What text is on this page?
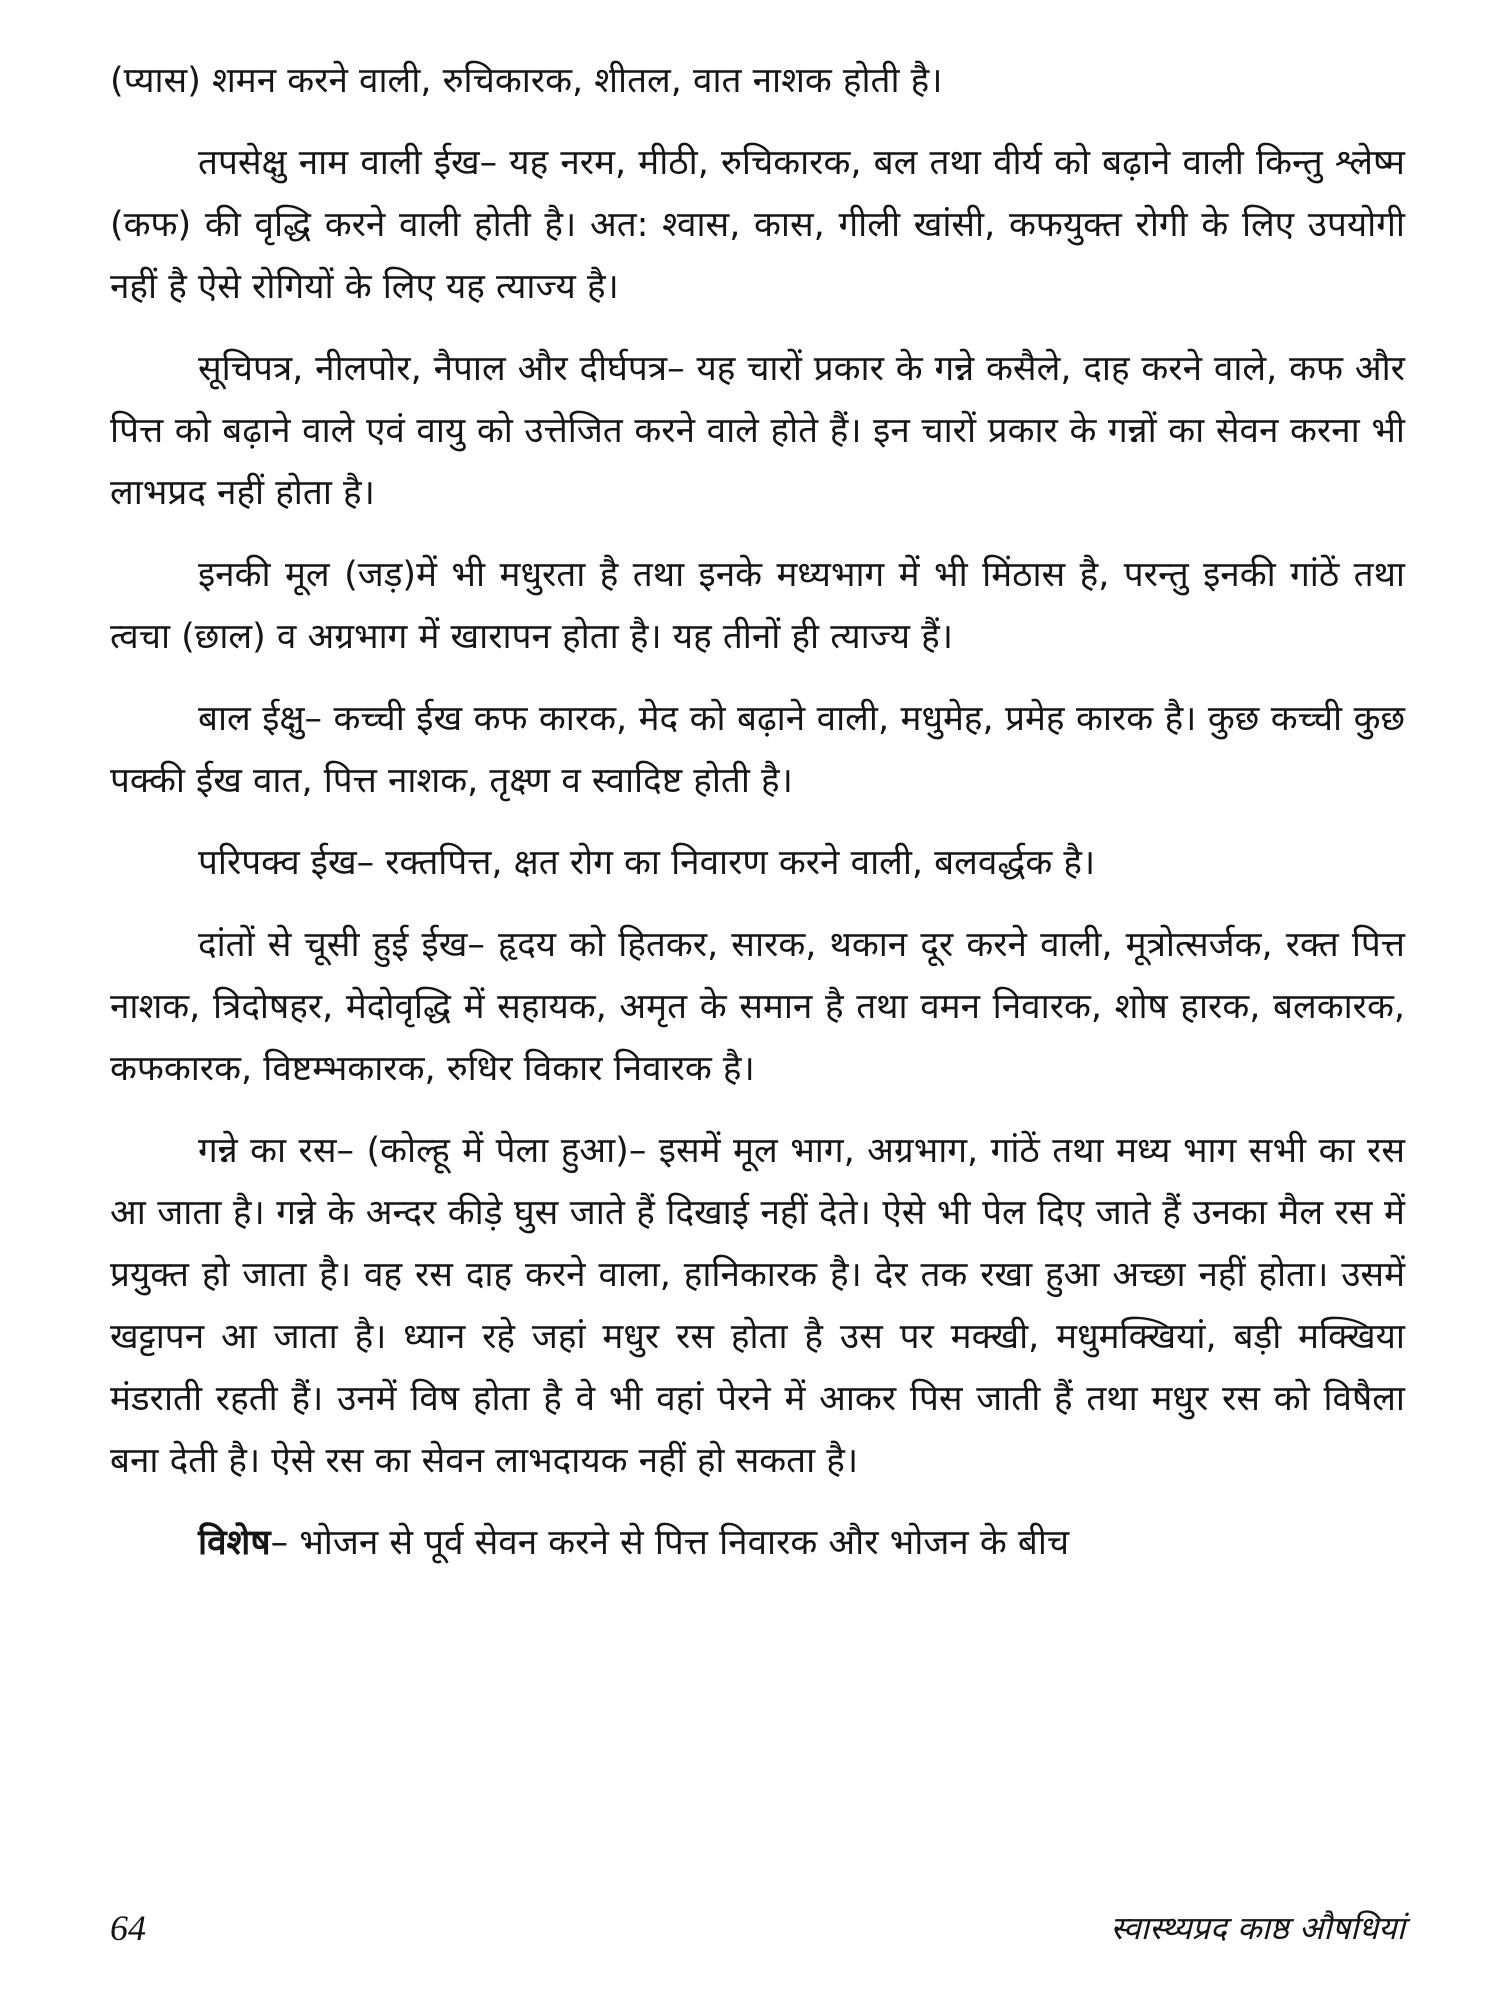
(प्यास) शमन करने वाली, रुचिकारक, शीतल, वात नाशक होती है।

तपसेक्षु नाम वाली ईख– यह नरम, मीठी, रुचिकारक, बल तथा वीर्य को बढ़ाने वाली किन्तु श्लेष्म (कफ) की वृद्धि करने वाली होती है। अत: श्वास, कास, गीली खांसी, कफयुक्त रोगी के लिए उपयोगी नहीं है ऐसे रोगियों के लिए यह त्याज्य है।

सूचिपत्र, नीलपोर, नैपाल और दीर्घपत्र– यह चारों प्रकार के गन्ने कसैले, दाह करने वाले, कफ और पित्त को बढ़ाने वाले एवं वायु को उत्तेजित करने वाले होते हैं। इन चारों प्रकार के गन्नों का सेवन करना भी लाभप्रद नहीं होता है।

इनकी मूल (जड़)में भी मधुरता है तथा इनके मध्यभाग में भी मिंठास है, परन्तु इनकी गांठें तथा त्वचा (छाल) व अग्रभाग में खारापन होता है। यह तीनों ही त्याज्य हैं।

बाल ईक्षु– कच्ची ईख कफ कारक, मेद को बढ़ाने वाली, मधुमेह, प्रमेह कारक है। कुछ कच्ची कुछ पक्की ईख वात, पित्त नाशक, तृक्ष्ण व स्वादिष्ट होती है।

परिपक्व ईख– रक्तपित्त, क्षत रोग का निवारण करने वाली, बलवर्द्धक है।

दांतों से चूसी हुई ईख– हृदय को हितकर, सारक, थकान दूर करने वाली, मूत्रोत्सर्जक, रक्त पित्त नाशक, त्रिदोषहर, मेदोवृद्धि में सहायक, अमृत के समान है तथा वमन निवारक, शोष हारक, बलकारक, कफकारक, विष्टम्भकारक, रुधिर विकार निवारक है।

गन्ने का रस– (कोल्हू में पेला हुआ)– इसमें मूल भाग, अग्रभाग, गांठें तथा मध्य भाग सभी का रस आ जाता है। गन्ने के अन्दर कीड़े घुस जाते हैं दिखाई नहीं देते। ऐसे भी पेल दिए जाते हैं उनका मैल रस में प्रयुक्त हो जाता है। वह रस दाह करने वाला, हानिकारक है। देर तक रखा हुआ अच्छा नहीं होता। उसमें खट्टापन आ जाता है। ध्यान रहे जहां मधुर रस होता है उस पर मक्खी, मधुमक्खियां, बड़ी मक्खिया मंडराती रहती हैं। उनमें विष होता है वे भी वहां पेरने में आकर पिस जाती हैं तथा मधुर रस को विषैला बना देती है। ऐसे रस का सेवन लाभदायक नहीं हो सकता है।

विशेष– भोजन से पूर्व सेवन करने से पित्त निवारक और भोजन के बीच

64	स्वास्थ्यप्रद काष्ठ औषधियां
